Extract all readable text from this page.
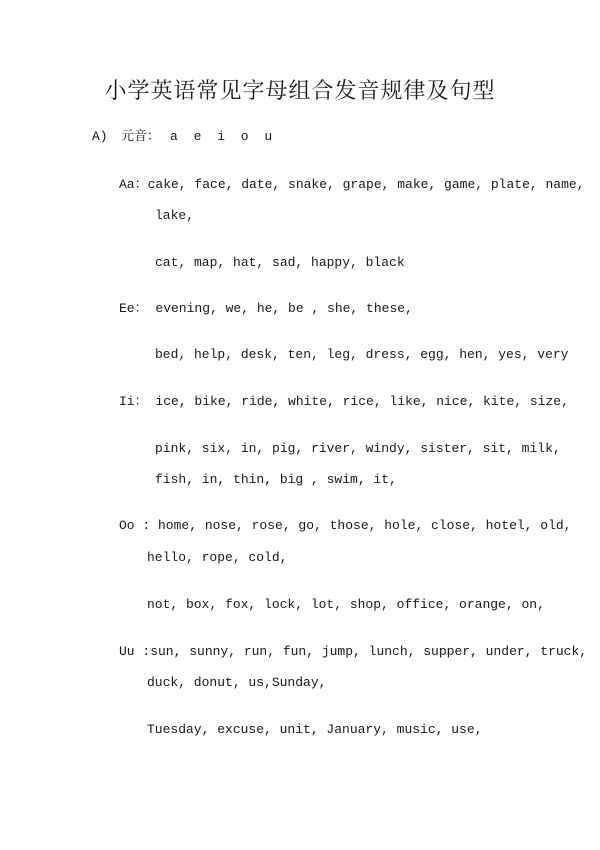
小学英语常见字母组合发音规律及句型
A) 元音： a e i o u
Aa：cake, face, date, snake, grape, make, game, plate, name,
lake,
cat, map, hat, sad, happy, black
Ee： evening, we, he, be , she, these,
bed, help, desk, ten, leg, dress, egg, hen, yes, very
Ii： ice, bike, ride, white, rice, like, nice, kite, size,
pink, six, in, pig, river, windy, sister, sit, milk,
fish, in, thin, big , swim, it,
Oo : home, nose, rose, go, those, hole, close, hotel, old,
hello, rope, cold,
not, box, fox, lock, lot, shop, office, orange, on,
Uu :sun, sunny, run, fun, jump, lunch, supper, under, truck,
duck, donut, us,Sunday,
Tuesday, excuse, unit, January, music, use,
